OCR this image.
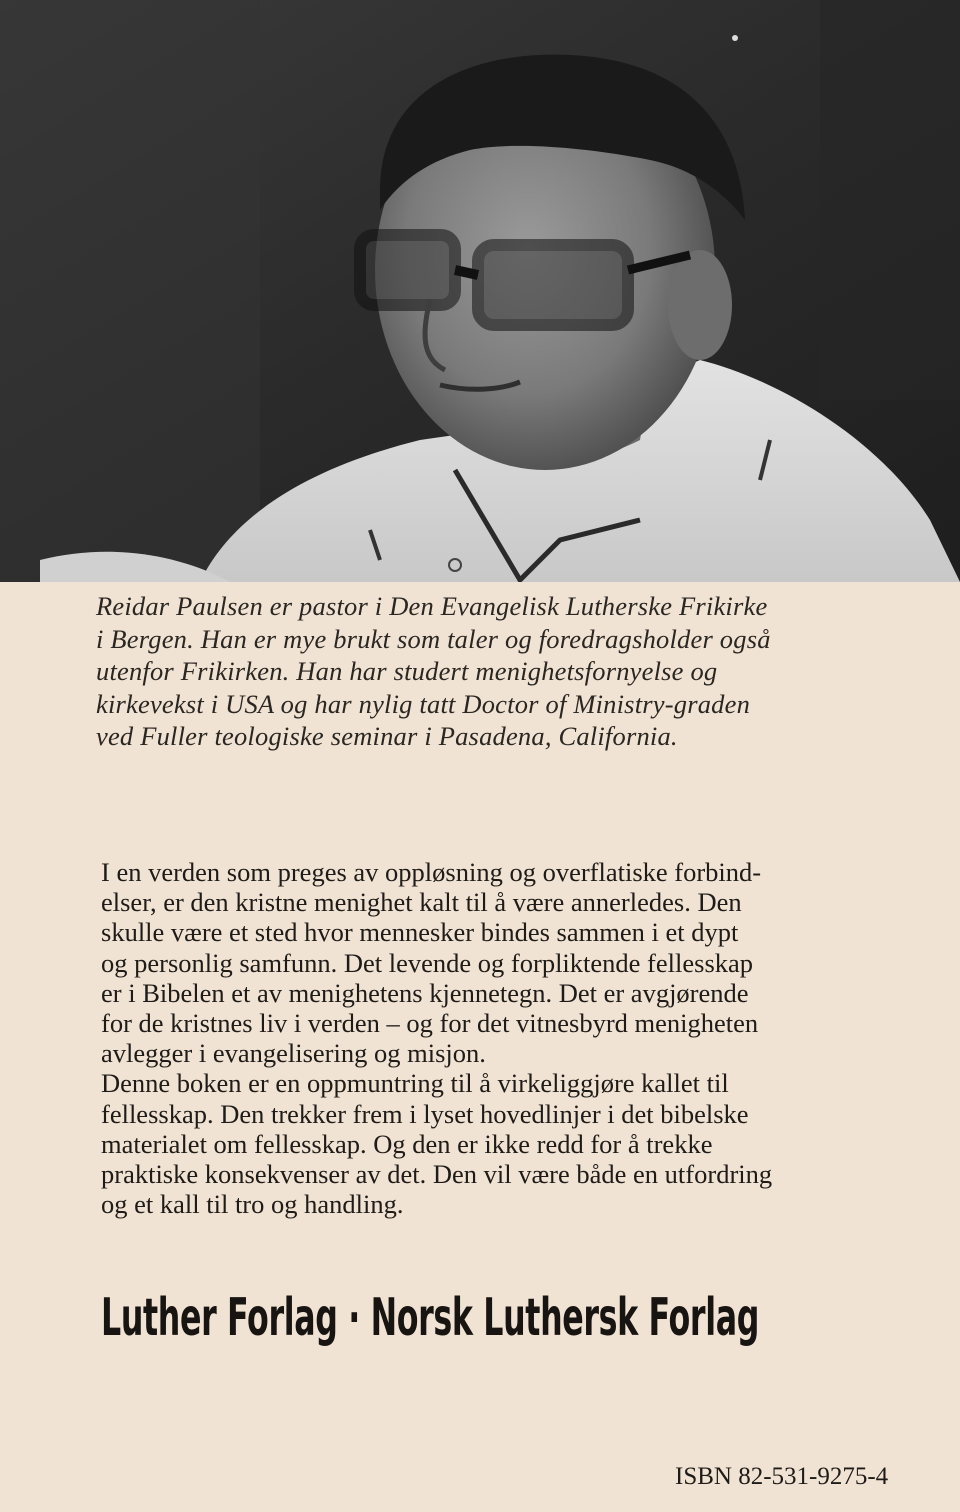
Reidar Paulsen er pastor i Den Evangelisk Lutherske Frikirke
i Bergen. Han er mye brukt som taler og foredragsholder også
utenfor Frikirken. Han har studert menighetsfornyelse og
kirkevekst i USA og har nylig tatt Doctor of Ministry-graden
ved Fuller teologiske seminar i Pasadena, California.
I en verden som preges av oppløsning og overflatiske forbind-
elser, er den kristne menighet kalt til å være annerledes. Den
skulle være et sted hvor mennesker bindes sammen i et dypt
og personlig samfunn. Det levende og forpliktende fellesskap
er i Bibelen et av menighetens kjennetegn. Det er avgjørende
for de kristnes liv i verden – og for det vitnesbyrd menigheten
avlegger i evangelisering og misjon.
Denne boken er en oppmuntring til å virkeliggjøre kallet til
fellesskap. Den trekker frem i lyset hovedlinjer i det bibelske
materialet om fellesskap. Og den er ikke redd for å trekke
praktiske konsekvenser av det. Den vil være både en utfordring
og et kall til tro og handling.
Luther Forlag · Norsk Luthersk Forlag
ISBN 82-531-9275-4
